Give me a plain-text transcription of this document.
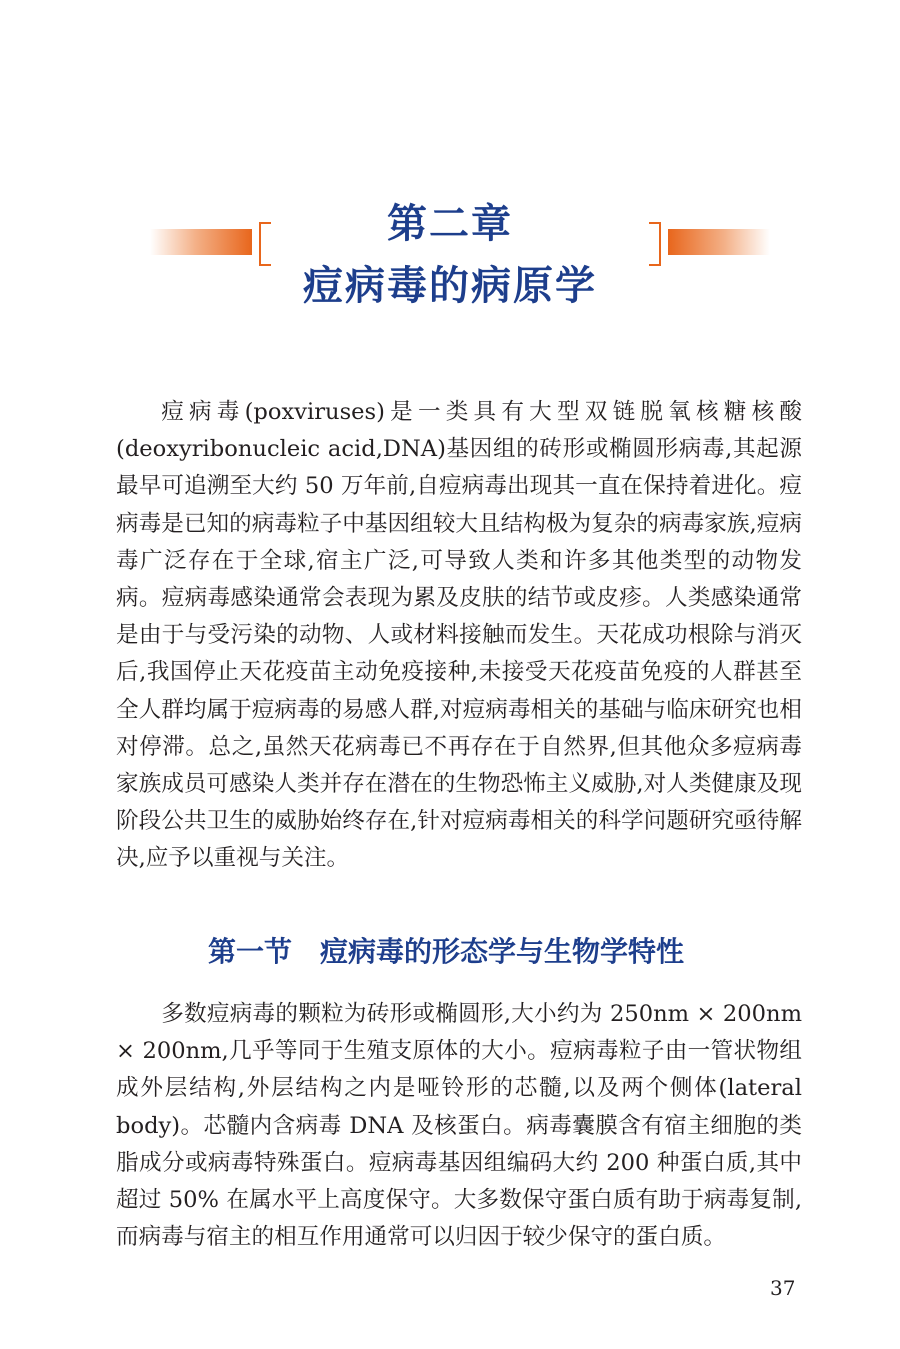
第二章
痘病毒的病原学

痘病毒(poxviruses)是一类具有大型双链脱氧核糖核酸(deoxyribonucleic acid,DNA)基因组的砖形或椭圆形病毒,其起源最早可追溯至大约 50 万年前,自痘病毒出现其一直在保持着进化。痘病毒是已知的病毒粒子中基因组较大且结构极为复杂的病毒家族,痘病毒广泛存在于全球,宿主广泛,可导致人类和许多其他类型的动物发病。痘病毒感染通常会表现为累及皮肤的结节或皮疹。人类感染通常是由于与受污染的动物、人或材料接触而发生。天花成功根除与消灭后,我国停止天花疫苗主动免疫接种,未接受天花疫苗免疫的人群甚至全人群均属于痘病毒的易感人群,对痘病毒相关的基础与临床研究也相对停滞。总之,虽然天花病毒已不再存在于自然界,但其他众多痘病毒家族成员可感染人类并存在潜在的生物恐怖主义威胁,对人类健康及现阶段公共卫生的威胁始终存在,针对痘病毒相关的科学问题研究亟待解决,应予以重视与关注。

第一节　痘病毒的形态学与生物学特性

多数痘病毒的颗粒为砖形或椭圆形,大小约为 250nm × 200nm × 200nm,几乎等同于生殖支原体的大小。痘病毒粒子由一管状物组成外层结构,外层结构之内是哑铃形的芯髓,以及两个侧体(lateral body)。芯髓内含病毒 DNA 及核蛋白。病毒囊膜含有宿主细胞的类脂成分或病毒特殊蛋白。痘病毒基因组编码大约 200 种蛋白质,其中超过 50% 在属水平上高度保守。大多数保守蛋白质有助于病毒复制,而病毒与宿主的相互作用通常可以归因于较少保守的蛋白质。

37
